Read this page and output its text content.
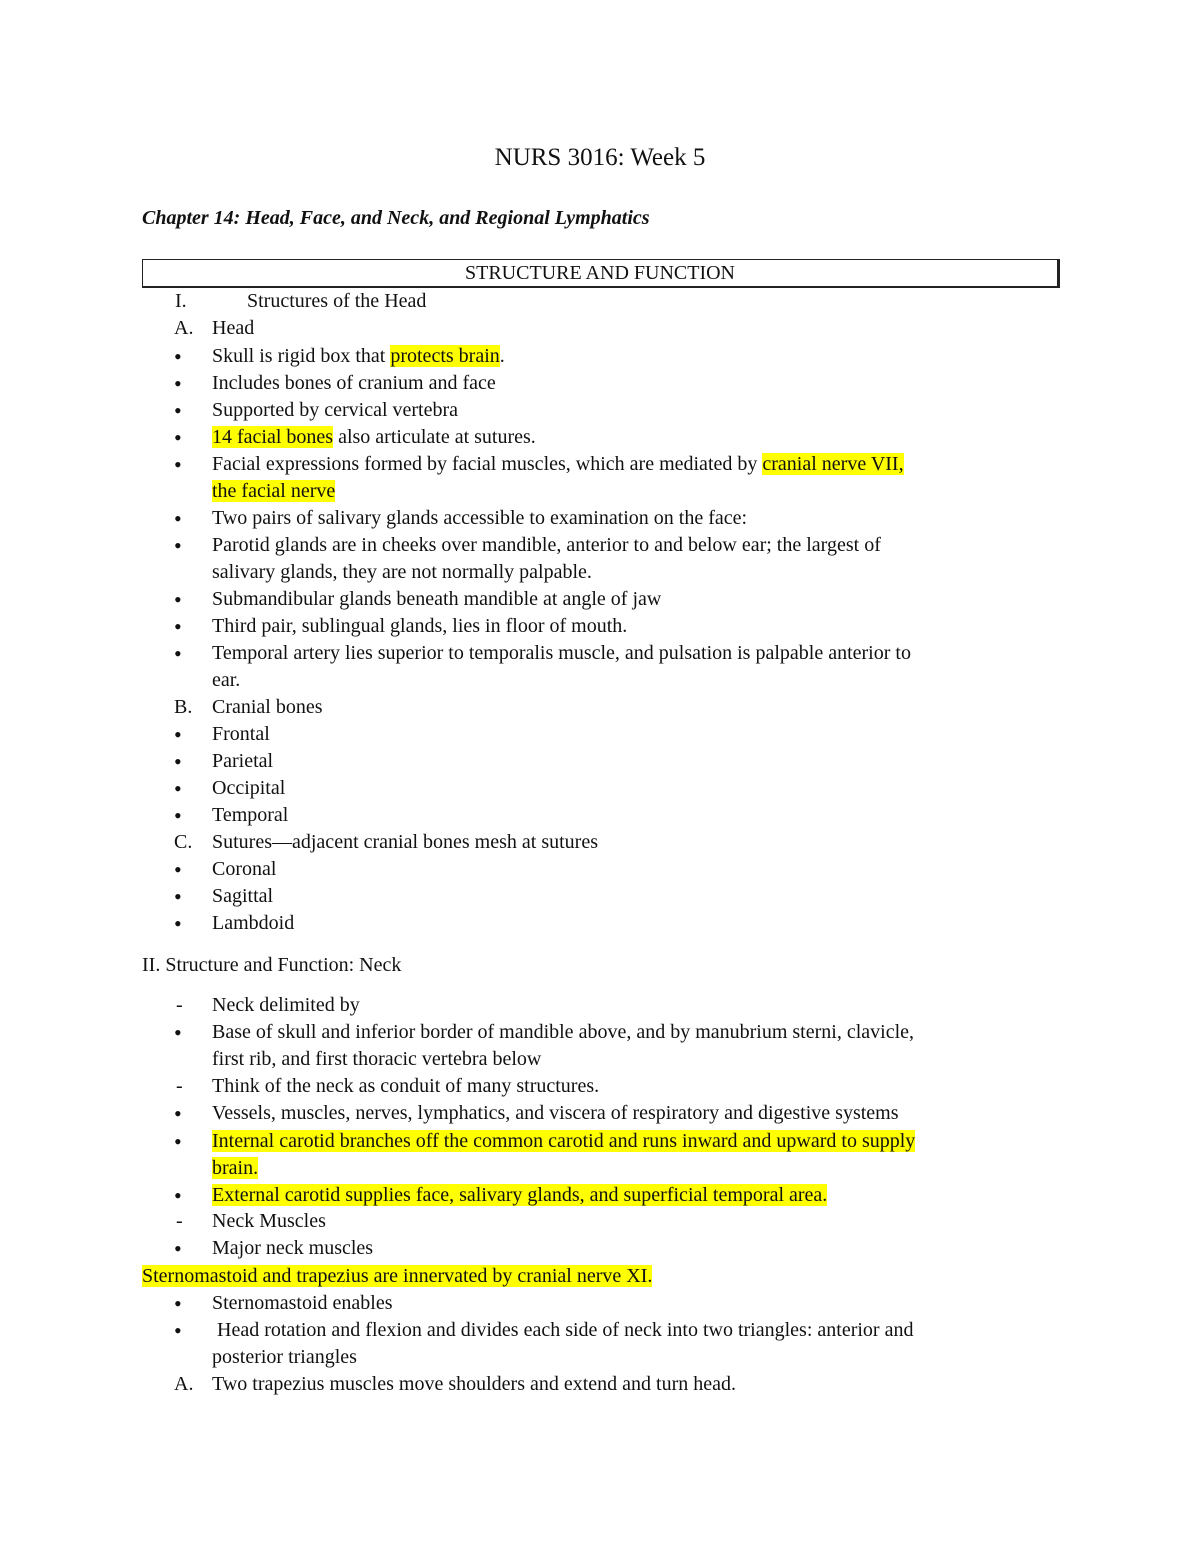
NURS 3016: Week 5
Chapter 14: Head, Face, and Neck, and Regional Lymphatics
STRUCTURE AND FUNCTION
I.	Structures of the Head
A. Head
• Skull is rigid box that protects brain.
• Includes bones of cranium and face
• Supported by cervical vertebra
• 14 facial bones also articulate at sutures.
• Facial expressions formed by facial muscles, which are mediated by cranial nerve VII,
the facial nerve
• Two pairs of salivary glands accessible to examination on the face:
• Parotid glands are in cheeks over mandible, anterior to and below ear; the largest of
salivary glands, they are not normally palpable.
• Submandibular glands beneath mandible at angle of jaw
• Third pair, sublingual glands, lies in floor of mouth.
• Temporal artery lies superior to temporalis muscle, and pulsation is palpable anterior to
ear.
B. Cranial bones
• Frontal
• Parietal
• Occipital
• Temporal
C. Sutures—adjacent cranial bones mesh at sutures
• Coronal
• Sagittal
• Lambdoid
II. Structure and Function: Neck
- Neck delimited by
• Base of skull and inferior border of mandible above, and by manubrium sterni, clavicle,
first rib, and first thoracic vertebra below
- Think of the neck as conduit of many structures.
• Vessels, muscles, nerves, lymphatics, and viscera of respiratory and digestive systems
• Internal carotid branches off the common carotid and runs inward and upward to supply
brain.
• External carotid supplies face, salivary glands, and superficial temporal area.
- Neck Muscles
• Major neck muscles
Sternomastoid and trapezius are innervated by cranial nerve XI.
• Sternomastoid enables
• Head rotation and flexion and divides each side of neck into two triangles: anterior and
posterior triangles
A. Two trapezius muscles move shoulders and extend and turn head.
